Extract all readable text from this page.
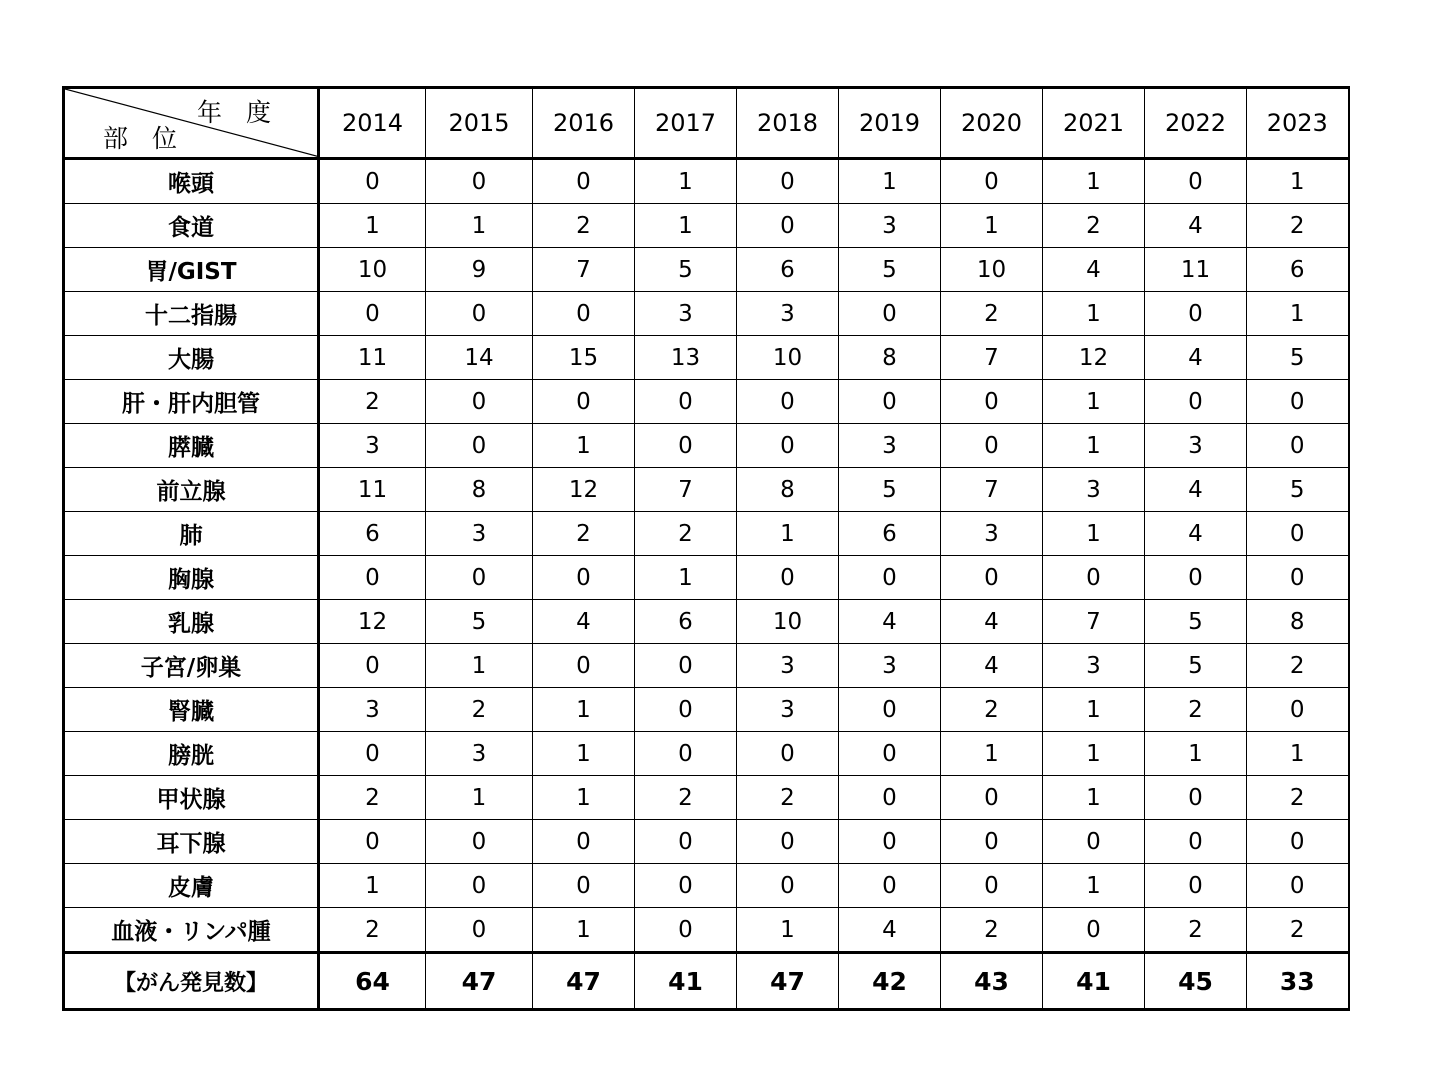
年 度
部 位	2014	2015	2016	2017	2018	2019	2020	2021	2022	2023
喉頭	0	0	0	1	0	1	0	1	0	1
食道	1	1	2	1	0	3	1	2	4	2
胃/GIST	10	9	7	5	6	5	10	4	11	6
十二指腸	0	0	0	3	3	0	2	1	0	1
大腸	11	14	15	13	10	8	7	12	4	5
肝・肝内胆管	2	0	0	0	0	0	0	1	0	0
膵臓	3	0	1	0	0	3	0	1	3	0
前立腺	11	8	12	7	8	5	7	3	4	5
肺	6	3	2	2	1	6	3	1	4	0
胸腺	0	0	0	1	0	0	0	0	0	0
乳腺	12	5	4	6	10	4	4	7	5	8
子宮/卵巣	0	1	0	0	3	3	4	3	5	2
腎臓	3	2	1	0	3	0	2	1	2	0
膀胱	0	3	1	0	0	0	1	1	1	1
甲状腺	2	1	1	2	2	0	0	1	0	2
耳下腺	0	0	0	0	0	0	0	0	0	0
皮膚	1	0	0	0	0	0	0	1	0	0
血液・リンパ腫	2	0	1	0	1	4	2	0	2	2
【がん発見数】	64	47	47	41	47	42	43	41	45	33
